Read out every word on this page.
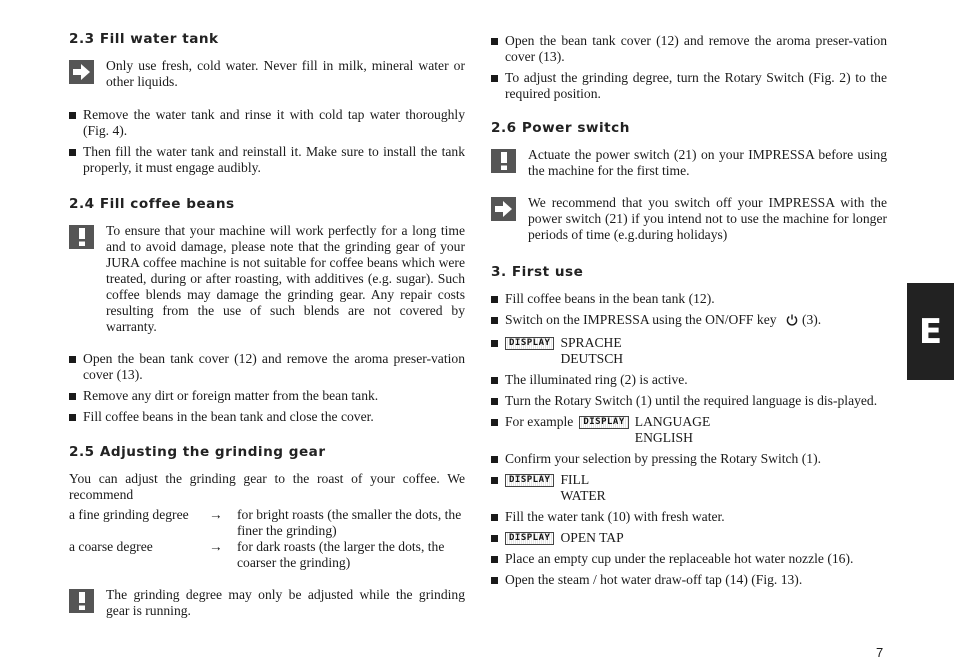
2.3 Fill water tank

Only use fresh, cold water. Never fill in milk, mineral water or other liquids.

Remove the water tank and rinse it with cold tap water thoroughly (Fig. 4).
Then fill the water tank and reinstall it. Make sure to install the tank properly, it must engage audibly.
2.4 Fill coffee beans

To ensure that your machine will work perfectly for a long time and to avoid damage, please note that the grinding gear of your JURA coffee machine is not suitable for coffee beans which were treated, during or after roasting, with additives (e.g. sugar). Such coffee blends may damage the grinding gear. Any repair costs resulting from the use of such blends are not covered by warranty.

Open the bean tank cover (12) and remove the aroma preser-vation cover (13).
Remove any dirt or foreign matter from the bean tank.
Fill coffee beans in the bean tank and close the cover.
2.5 Adjusting the grinding gear

You can adjust the grinding gear to the roast of your coffee. We recommend

a fine grinding degree	→	for bright roasts (the smaller the dots, the finer the grinding)
a coarse degree	→	for dark roasts (the larger the dots, the coarser the grinding)

The grinding degree may only be adjusted while the grinding gear is running.

Open the bean tank cover (12) and remove the aroma preser-vation cover (13).
To adjust the grinding degree, turn the Rotary Switch (Fig. 2) to the required position.
2.6 Power switch

Actuate the power switch (21) on your IMPRESSA before using the machine for the first time.

We recommend that you switch off your IMPRESSA with the power switch (21) if you intend not to use the machine for longer periods of time (e.g.during holidays)

3. First use
Fill coffee beans in the bean tank (12).
Switch on the IMPRESSA using the ON/OFF key (3).
DISPLAY SPRACHE
DEUTSCH
The illuminated ring (2) is active.
Turn the Rotary Switch (1) until the required language is dis-played.
For example	DISPLAY LANGUAGE
ENGLISH
Confirm your selection by pressing the Rotary Switch (1).
DISPLAY FILL
WATER
Fill the water tank (10) with fresh water.
DISPLAY OPEN TAP
Place an empty cup under the replaceable hot water nozzle (16).
Open the steam / hot water draw-off tap (14) (Fig. 13).
E
7
